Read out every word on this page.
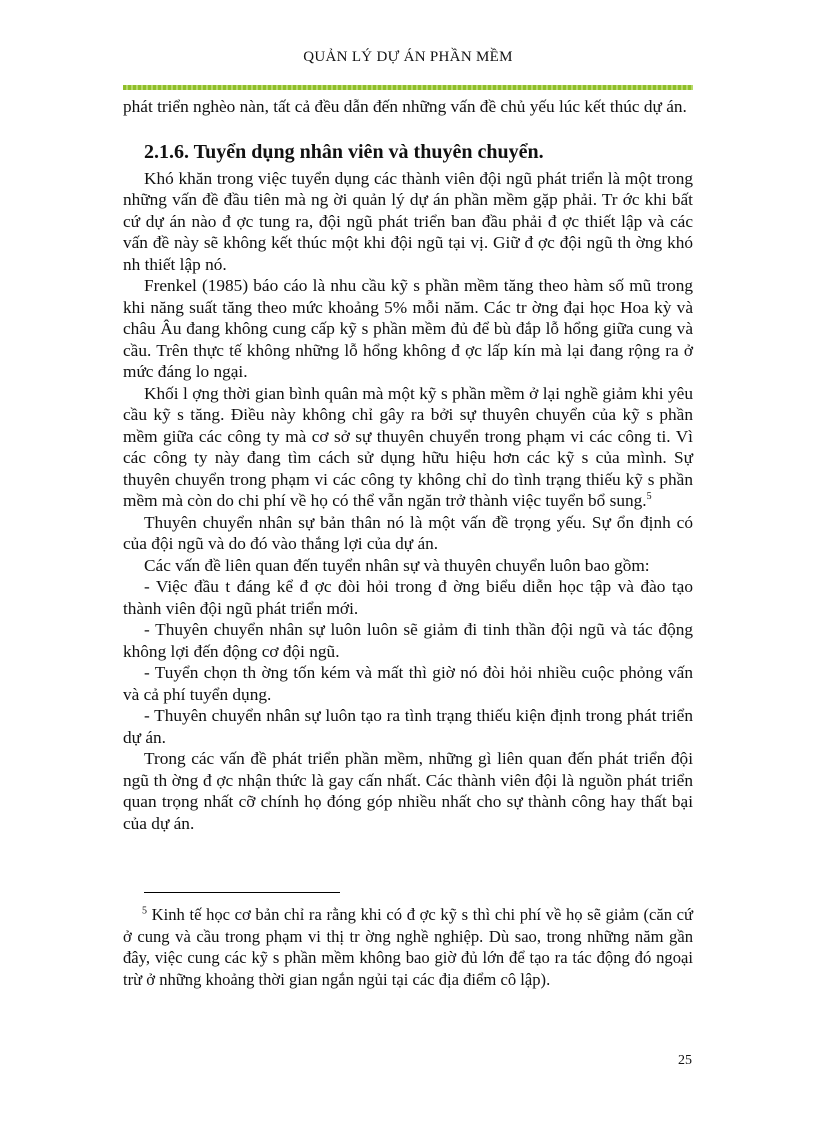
QUẢN LÝ DỰ ÁN PHẦN MỀM

phát triển nghèo nàn, tất cả đều dẫn đến những vấn đề chủ yếu lúc kết thúc dự án.

2.1.6. Tuyển dụng nhân viên và thuyên chuyển.

Khó khăn trong việc tuyển dụng các thành viên đội ngũ phát triển là một trong những vấn đề đầu tiên mà ng ời quản lý dự án phần mềm gặp phải. Tr ớc khi bất cứ dự án nào đ ợc tung ra, đội ngũ phát triển ban đầu phải đ ợc thiết lập và các vấn đề này sẽ không kết thúc một khi đội ngũ tại vị. Giữ đ ợc đội ngũ th ờng khó nh thiết lập nó.

Frenkel (1985) báo cáo là nhu cầu kỹ s phần mềm tăng theo hàm số mũ trong khi năng suất tăng theo mức khoảng 5% mỗi năm. Các tr ờng đại học Hoa kỳ và châu Âu đang không cung cấp kỹ s phần mềm đủ để bù đắp lỗ hổng giữa cung và cầu. Trên thực tế không những lỗ hổng không đ ợc lấp kín mà lại đang rộng ra ở mức đáng lo ngại.

Khối l ợng thời gian bình quân mà một kỹ s phần mềm ở lại nghề giảm khi yêu cầu kỹ s tăng. Điều này không chỉ gây ra bởi sự thuyên chuyển của kỹ s phần mềm giữa các công ty mà cơ sở sự thuyên chuyển trong phạm vi các công ti. Vì các công ty này đang tìm cách sử dụng hữu hiệu hơn các kỹ s của mình. Sự thuyên chuyển trong phạm vi các công ty không chỉ do tình trạng thiếu kỹ s phần mềm mà còn do chi phí về họ có thể vẫn ngăn trở thành việc tuyển bổ sung.$^5$

Thuyên chuyển nhân sự bản thân nó là một vấn đề trọng yếu. Sự ổn định có của đội ngũ và do đó vào thắng lợi của dự án.

Các vấn đề liên quan đến tuyển nhân sự và thuyên chuyển luôn bao gồm:

- Việc đầu t đáng kể đ ợc đòi hỏi trong đ ờng biểu diễn học tập và đào tạo thành viên đội ngũ phát triển mới.

- Thuyên chuyển nhân sự luôn luôn sẽ giảm đi tinh thần đội ngũ và tác động không lợi đến động cơ đội ngũ.

- Tuyển chọn th ờng tốn kém và mất thì giờ nó đòi hỏi nhiều cuộc phỏng vấn và cả phí tuyển dụng.

- Thuyên chuyển nhân sự luôn tạo ra tình trạng thiếu kiện định trong phát triển dự án.

Trong các vấn đề phát triển phần mềm, những gì liên quan đến phát triển đội ngũ th ờng đ ợc nhận thức là gay cấn nhất. Các thành viên đội là nguồn phát triển quan trọng nhất cỡ chính họ đóng góp nhiều nhất cho sự thành công hay thất bại của dự án.

$^5$ Kinh tế học cơ bản chỉ ra rằng khi có đ ợc kỹ s thì chi phí về họ sẽ giảm (căn cứ ở cung và cầu trong phạm vi thị tr ờng nghề nghiệp. Dù sao, trong những năm gần đây, việc cung các kỹ s phần mềm không bao giờ đủ lớn để tạo ra tác động đó ngoại trừ ở những khoảng thời gian ngắn ngủi tại các địa điểm cô lập).

25
